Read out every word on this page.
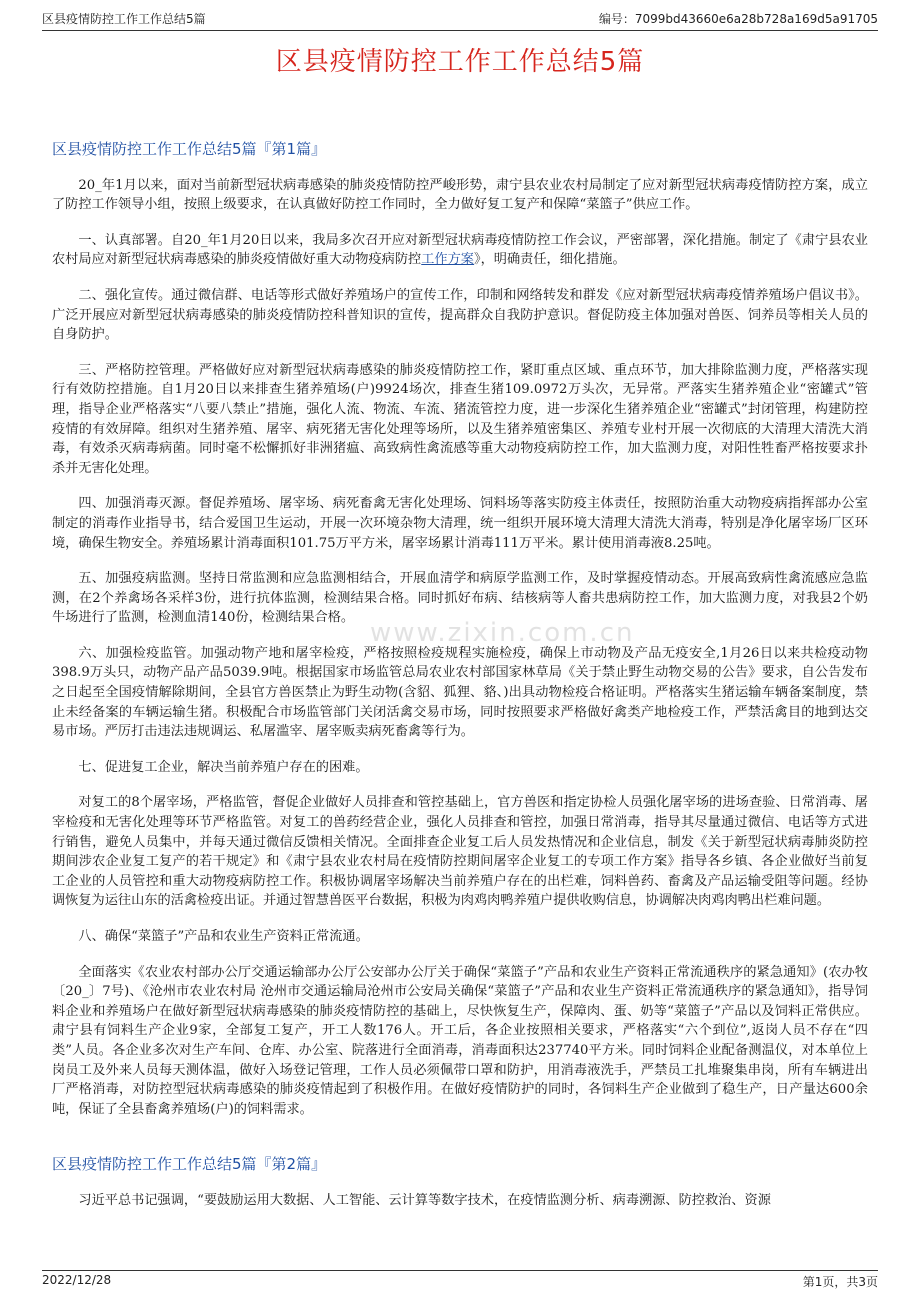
区县疫情防控工作工作总结5篇	编号：7099bd43660e6a28b728a169d5a91705
区县疫情防控工作工作总结5篇
www.zixin.com.cn
区县疫情防控工作工作总结5篇『第1篇』

20_年1月以来，面对当前新型冠状病毒感染的肺炎疫情防控严峻形势，肃宁县农业农村局制定了应对新型冠状病毒疫情防控方案，成立了防控工作领导小组，按照上级要求，在认真做好防控工作同时，全力做好复工复产和保障“菜篮子”供应工作。

一、认真部署。自20_年1月20日以来，我局多次召开应对新型冠状病毒疫情防控工作会议，严密部署，深化措施。制定了《肃宁县农业农村局应对新型冠状病毒感染的肺炎疫情做好重大动物疫病防控工作方案》，明确责任，细化措施。

二、强化宣传。通过微信群、电话等形式做好养殖场户的宣传工作，印制和网络转发和群发《应对新型冠状病毒疫情养殖场户倡议书》。广泛开展应对新型冠状病毒感染的肺炎疫情防控科普知识的宣传，提高群众自我防护意识。督促防疫主体加强对兽医、饲养员等相关人员的自身防护。

三、严格防控管理。严格做好应对新型冠状病毒感染的肺炎疫情防控工作，紧盯重点区域、重点环节，加大排除监测力度，严格落实现行有效防控措施。自1月20日以来排查生猪养殖场(户)9924场次，排查生猪109.0972万头次，无异常。严落实生猪养殖企业“密罐式”管理，指导企业严格落实“八要八禁止”措施，强化人流、物流、车流、猪流管控力度，进一步深化生猪养殖企业“密罐式”封闭管理，构建防控疫情的有效屏障。组织对生猪养殖、屠宰、病死猪无害化处理等场所，以及生猪养殖密集区、养殖专业村开展一次彻底的大清理大清洗大消毒，有效杀灭病毒病菌。同时毫不松懈抓好非洲猪瘟、高致病性禽流感等重大动物疫病防控工作，加大监测力度，对阳性牲畜严格按要求扑杀并无害化处理。

四、加强消毒灭源。督促养殖场、屠宰场、病死畜禽无害化处理场、饲料场等落实防疫主体责任，按照防治重大动物疫病指挥部办公室制定的消毒作业指导书，结合爱国卫生运动，开展一次环境杂物大清理，统一组织开展环境大清理大清洗大消毒，特别是净化屠宰场厂区环境，确保生物安全。养殖场累计消毒面积101.75万平方米，屠宰场累计消毒111万平米。累计使用消毒液8.25吨。

五、加强疫病监测。坚持日常监测和应急监测相结合，开展血清学和病原学监测工作，及时掌握疫情动态。开展高致病性禽流感应急监测，在2个养禽场各采样3份，进行抗体监测，检测结果合格。同时抓好布病、结核病等人畜共患病防控工作，加大监测力度，对我县2个奶牛场进行了监测，检测血清140份，检测结果合格。

六、加强检疫监管。加强动物产地和屠宰检疫，严格按照检疫规程实施检疫，确保上市动物及产品无疫安全,1月26日以来共检疫动物398.9万头只，动物产品产品5039.9吨。根据国家市场监管总局农业农村部国家林草局《关于禁止野生动物交易的公告》要求，自公告发布之日起至全国疫情解除期间，全县官方兽医禁止为野生动物(含貂、狐狸、貉、)出具动物检疫合格证明。严格落实生猪运输车辆备案制度，禁止未经备案的车辆运输生猪。积极配合市场监管部门关闭活禽交易市场，同时按照要求严格做好禽类产地检疫工作，严禁活禽目的地到达交易市场。严厉打击违法违规调运、私屠滥宰、屠宰贩卖病死畜禽等行为。

七、促进复工企业，解决当前养殖户存在的困难。

对复工的8个屠宰场，严格监管，督促企业做好人员排查和管控基础上，官方兽医和指定协检人员强化屠宰场的进场查验、日常消毒、屠宰检疫和无害化处理等环节严格监管。对复工的兽药经营企业，强化人员排查和管控，加强日常消毒，指导其尽量通过微信、电话等方式进行销售，避免人员集中，并每天通过微信反馈相关情况。全面排查企业复工后人员发热情况和企业信息，制发《关于新型冠状病毒肺炎防控期间涉农企业复工复产的若干规定》和《肃宁县农业农村局在疫情防控期间屠宰企业复工的专项工作方案》指导各乡镇、各企业做好当前复工企业的人员管控和重大动物疫病防控工作。积极协调屠宰场解决当前养殖户存在的出栏难，饲料兽药、畜禽及产品运输受阻等问题。经协调恢复为运往山东的活禽检疫出证。并通过智慧兽医平台数据，积极为肉鸡肉鸭养殖户提供收购信息，协调解决肉鸡肉鸭出栏难问题。

八、确保“菜篮子”产品和农业生产资料正常流通。

全面落实《农业农村部办公厅交通运输部办公厅公安部办公厅关于确保“菜篮子”产品和农业生产资料正常流通秩序的紧急通知》(农办牧〔20_〕7号)、《沧州市农业农村局 沧州市交通运输局沧州市公安局关确保“菜篮子”产品和农业生产资料正常流通秩序的紧急通知》，指导饲料企业和养殖场户在做好新型冠状病毒感染的肺炎疫情防控的基础上，尽快恢复生产，保障肉、蛋、奶等“菜篮子”产品以及饲料正常供应。肃宁县有饲料生产企业9家，全部复工复产，开工人数176人。开工后，各企业按照相关要求，严格落实“六个到位”,返岗人员不存在“四类”人员。各企业多次对生产车间、仓库、办公室、院落进行全面消毒，消毒面积达237740平方米。同时饲料企业配备测温仪，对本单位上岗员工及外来人员每天测体温，做好入场登记管理，工作人员必须佩带口罩和防护，用消毒液洗手，严禁员工扎堆聚集串岗，所有车辆进出厂严格消毒，对防控型冠状病毒感染的肺炎疫情起到了积极作用。在做好疫情防护的同时，各饲料生产企业做到了稳生产，日产量达600余吨，保证了全县畜禽养殖场(户)的饲料需求。

区县疫情防控工作工作总结5篇『第2篇』

习近平总书记强调，“要鼓励运用大数据、人工智能、云计算等数字技术，在疫情监测分析、病毒溯源、防控救治、资源

2022/12/28	第1页，共3页
